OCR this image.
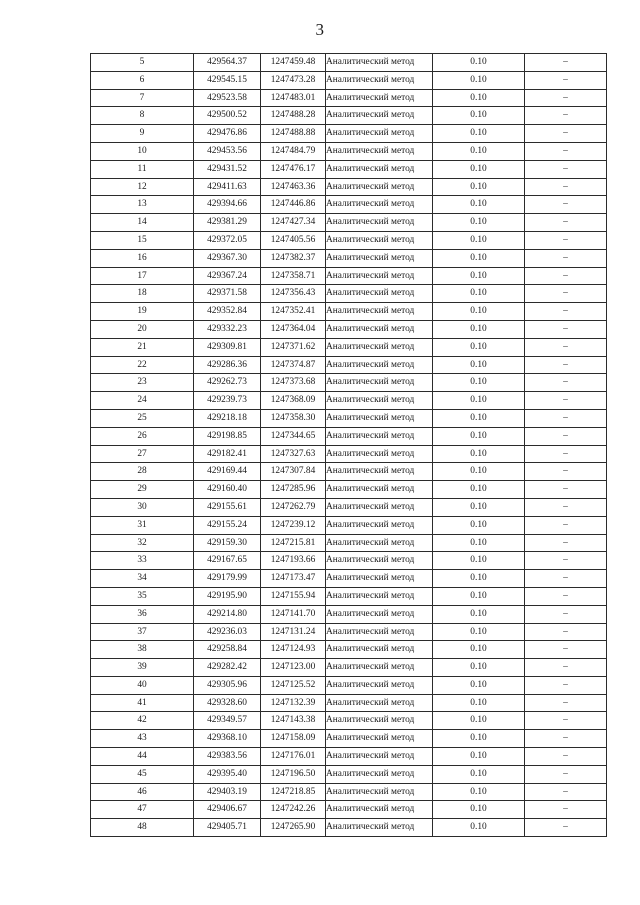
3
5	429564.37	1247459.48	Аналитический метод	0.10	–
6	429545.15	1247473.28	Аналитический метод	0.10	–
7	429523.58	1247483.01	Аналитический метод	0.10	–
8	429500.52	1247488.28	Аналитический метод	0.10	–
9	429476.86	1247488.88	Аналитический метод	0.10	–
10	429453.56	1247484.79	Аналитический метод	0.10	–
11	429431.52	1247476.17	Аналитический метод	0.10	–
12	429411.63	1247463.36	Аналитический метод	0.10	–
13	429394.66	1247446.86	Аналитический метод	0.10	–
14	429381.29	1247427.34	Аналитический метод	0.10	–
15	429372.05	1247405.56	Аналитический метод	0.10	–
16	429367.30	1247382.37	Аналитический метод	0.10	–
17	429367.24	1247358.71	Аналитический метод	0.10	–
18	429371.58	1247356.43	Аналитический метод	0.10	–
19	429352.84	1247352.41	Аналитический метод	0.10	–
20	429332.23	1247364.04	Аналитический метод	0.10	–
21	429309.81	1247371.62	Аналитический метод	0.10	–
22	429286.36	1247374.87	Аналитический метод	0.10	–
23	429262.73	1247373.68	Аналитический метод	0.10	–
24	429239.73	1247368.09	Аналитический метод	0.10	–
25	429218.18	1247358.30	Аналитический метод	0.10	–
26	429198.85	1247344.65	Аналитический метод	0.10	–
27	429182.41	1247327.63	Аналитический метод	0.10	–
28	429169.44	1247307.84	Аналитический метод	0.10	–
29	429160.40	1247285.96	Аналитический метод	0.10	–
30	429155.61	1247262.79	Аналитический метод	0.10	–
31	429155.24	1247239.12	Аналитический метод	0.10	–
32	429159.30	1247215.81	Аналитический метод	0.10	–
33	429167.65	1247193.66	Аналитический метод	0.10	–
34	429179.99	1247173.47	Аналитический метод	0.10	–
35	429195.90	1247155.94	Аналитический метод	0.10	–
36	429214.80	1247141.70	Аналитический метод	0.10	–
37	429236.03	1247131.24	Аналитический метод	0.10	–
38	429258.84	1247124.93	Аналитический метод	0.10	–
39	429282.42	1247123.00	Аналитический метод	0.10	–
40	429305.96	1247125.52	Аналитический метод	0.10	–
41	429328.60	1247132.39	Аналитический метод	0.10	–
42	429349.57	1247143.38	Аналитический метод	0.10	–
43	429368.10	1247158.09	Аналитический метод	0.10	–
44	429383.56	1247176.01	Аналитический метод	0.10	–
45	429395.40	1247196.50	Аналитический метод	0.10	–
46	429403.19	1247218.85	Аналитический метод	0.10	–
47	429406.67	1247242.26	Аналитический метод	0.10	–
48	429405.71	1247265.90	Аналитический метод	0.10	–
